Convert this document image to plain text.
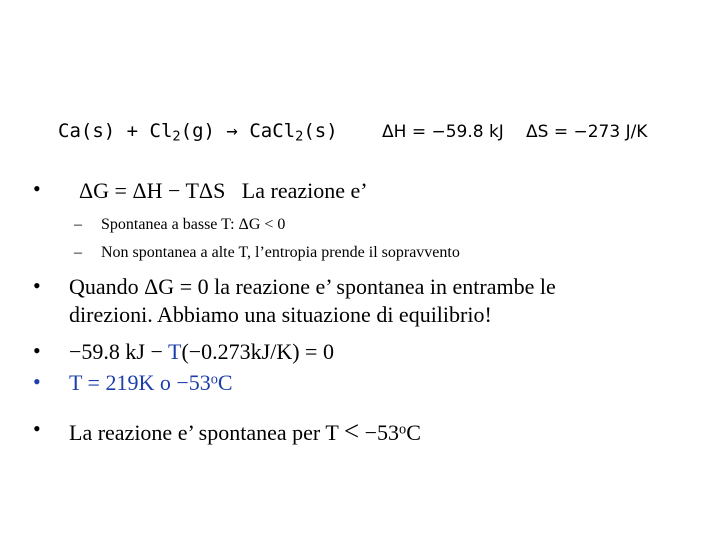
$Ca(s) + Cl_2(g)$ → CaCl$_2$(s)	ΔH = −59.8 kJ ΔS = −273 J/K
• ΔG = ΔH − TΔS   La reazione e’
– Spontanea a basse T: ΔG < 0
– Non spontanea a alte T, l’entropia prende il sopravvento
• Quando ΔG = 0 la reazione e’ spontanea in entrambe le
direzioni. Abbiamo una situazione di equilibrio!
• −59.8 kJ − T(−0.273kJ/K) = 0
• T = 219K $o -53^oC$
• La reazione e’ spontanea per $T < -53^oC$
